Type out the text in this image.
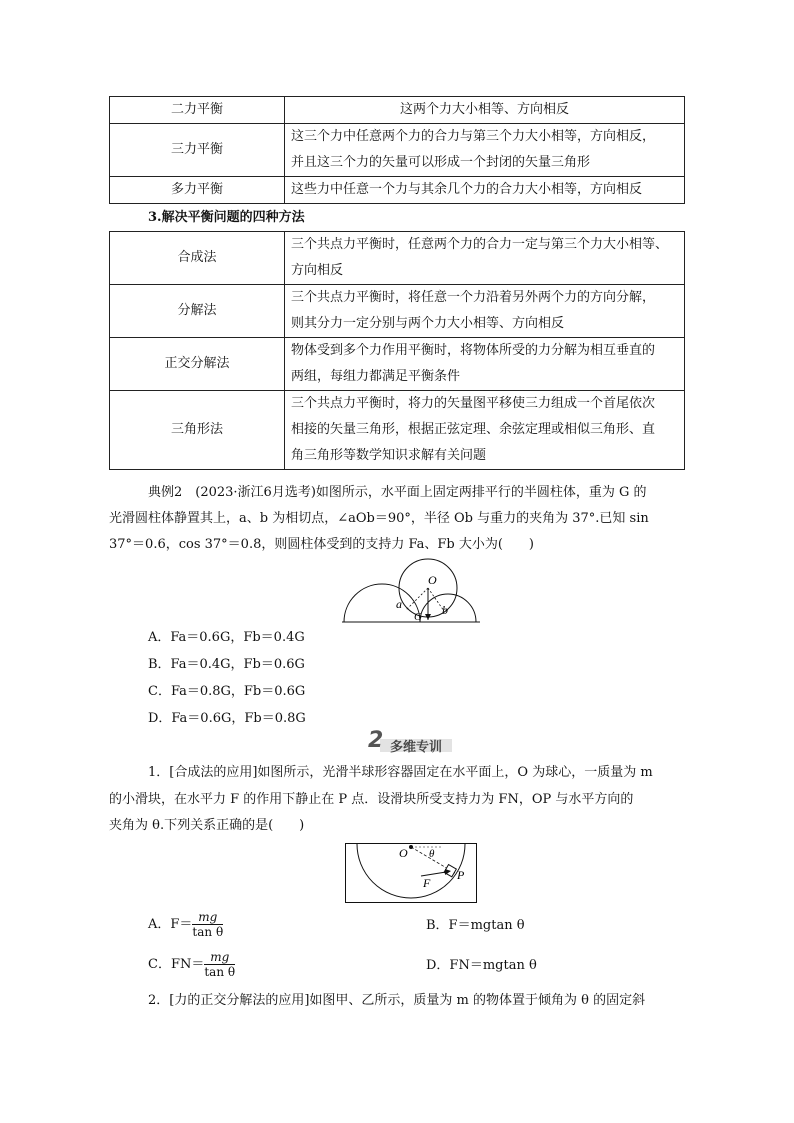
二力平衡	这两个力大小相等、方向相反
三力平衡	这三个力中任意两个力的合力与第三个力大小相等，方向相反，
并且这三个力的矢量可以形成一个封闭的矢量三角形

多力平衡	这些力中任意一个力与其余几个力的合力大小相等，方向相反
3.解决平衡问题的四种方法
合成法	三个共点力平衡时，任意两个力的合力一定与第三个力大小相等、
方向相反

分解法	三个共点力平衡时，将任意一个力沿着另外两个力的方向分解，
则其分力一定分别与两个力大小相等、方向相反

正交分解法	物体受到多个力作用平衡时，将物体所受的力分解为相互垂直的
两组，每组力都满足平衡条件

三角形法	三个共点力平衡时，将力的矢量图平移使三力组成一个首尾依次
相接的矢量三角形，根据正弦定理、余弦定理或相似三角形、直
角三角形等数学知识求解有关问题
典例2　(2023·浙江6月选考)如图所示，水平面上固定两排平行的半圆柱体，重为 G 的
光滑圆柱体静置其上，a、b 为相切点，∠aOb＝90°，半径 Ob 与重力的夹角为 37°.已知 sin
37°＝0.6，cos 37°＝0.8，则圆柱体受到的支持力 Fa、Fb 大小为(　　)
O
a	b
G
A．Fa＝0.6G，Fb＝0.4G
B．Fa＝0.4G，Fb＝0.6G
C．Fa＝0.8G，Fb＝0.6G
D．Fa＝0.6G，Fb＝0.8G
2 多维专训
1．[合成法的应用]如图所示，光滑半球形容器固定在水平面上，O 为球心，一质量为 m
的小滑块，在水平力 F 的作用下静止在 P 点．设滑块所受支持力为 FN，OP 与水平方向的
夹角为 θ.下列关系正确的是(　　)
O θ
F
P
A．$F= \frac{mg}{\text{tan θ}}$	B．F＝mgtan θ
C．$FN= \frac{mg}{\text{tan θ}}$	D．FN＝mgtan θ
2．[力的正交分解法的应用]如图甲、乙所示，质量为 m 的物体置于倾角为 θ 的固定斜
